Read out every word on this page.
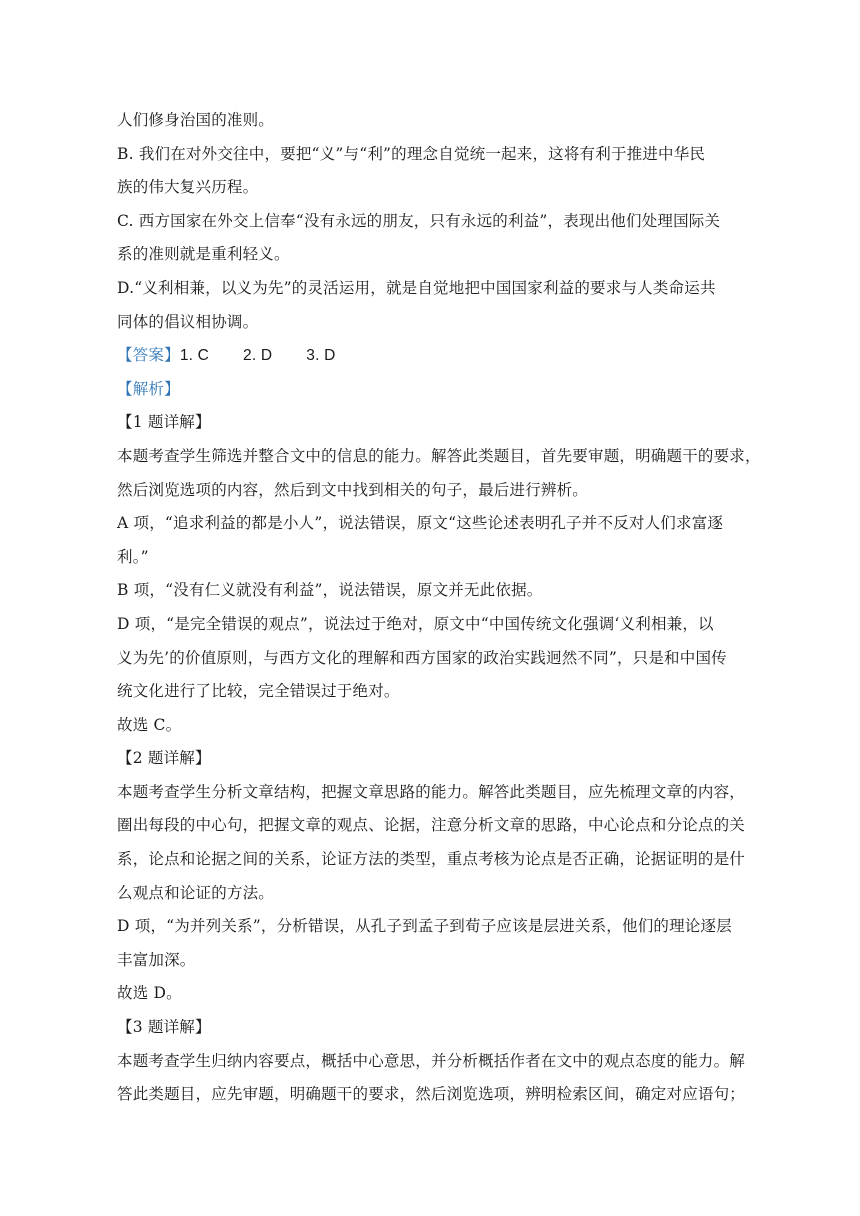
人们修身治国的准则。
B. 我们在对外交往中，要把“义”与“利”的理念自觉统一起来，这将有利于推进中华民
族的伟大复兴历程。
C. 西方国家在外交上信奉“没有永远的朋友，只有永远的利益”，表现出他们处理国际关
系的准则就是重利轻义。
D.“义利相兼，以义为先”的灵活运用，就是自觉地把中国国家利益的要求与人类命运共
同体的倡议相协调。
【答案】1. C 2. D 3. D
【解析】
【1 题详解】
本题考查学生筛选并整合文中的信息的能力。解答此类题目，首先要审题，明确题干的要求，
然后浏览选项的内容，然后到文中找到相关的句子，最后进行辨析。
A 项，“追求利益的都是小人”，说法错误，原文“这些论述表明孔子并不反对人们求富逐
利。”
B 项，“没有仁义就没有利益”，说法错误，原文并无此依据。
D 项，“是完全错误的观点”，说法过于绝对，原文中“中国传统文化强调‘义利相兼，以
义为先’的价值原则，与西方文化的理解和西方国家的政治实践迥然不同”，只是和中国传
统文化进行了比较，完全错误过于绝对。
故选 C。
【2 题详解】
本题考查学生分析文章结构，把握文章思路的能力。解答此类题目，应先梳理文章的内容，
圈出每段的中心句，把握文章的观点、论据，注意分析文章的思路，中心论点和分论点的关
系，论点和论据之间的关系，论证方法的类型，重点考核为论点是否正确，论据证明的是什
么观点和论证的方法。
D 项，“为并列关系”，分析错误，从孔子到孟子到荀子应该是层进关系，他们的理论逐层
丰富加深。
故选 D。
【3 题详解】
本题考查学生归纳内容要点，概括中心意思，并分析概括作者在文中的观点态度的能力。解
答此类题目，应先审题，明确题干的要求，然后浏览选项，辨明检索区间，确定对应语句；
